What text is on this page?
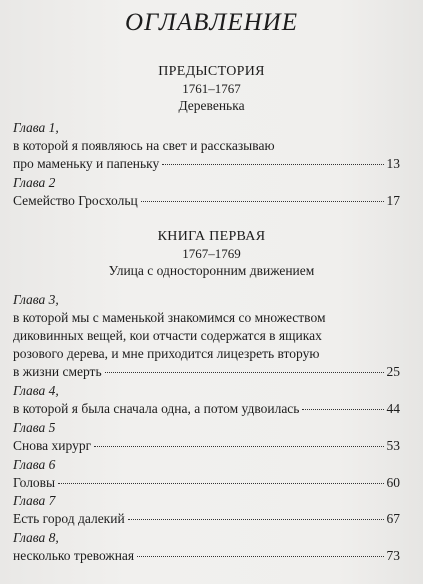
ОГЛАВЛЕНИЕ
ПРЕДЫСТОРИЯ
1761–1767
Деревенька
Глава 1,
в которой я появляюсь на свет и рассказываю
про маменьку и папеньку	13
Глава 2
Семейство Гросхольц	17
КНИГА ПЕРВАЯ
1767–1769
Улица с односторонним движением
Глава 3,
в которой мы с маменькой знакомимся со множеством
диковинных вещей, кои отчасти содержатся в ящиках
розового дерева, и мне приходится лицезреть вторую
в жизни смерть	25
Глава 4,
в которой я была сначала одна, а потом удвоилась	44
Глава 5
Снова хирург	53
Глава 6
Головы	60
Глава 7
Есть город далекий	67
Глава 8,
несколько тревожная	73
